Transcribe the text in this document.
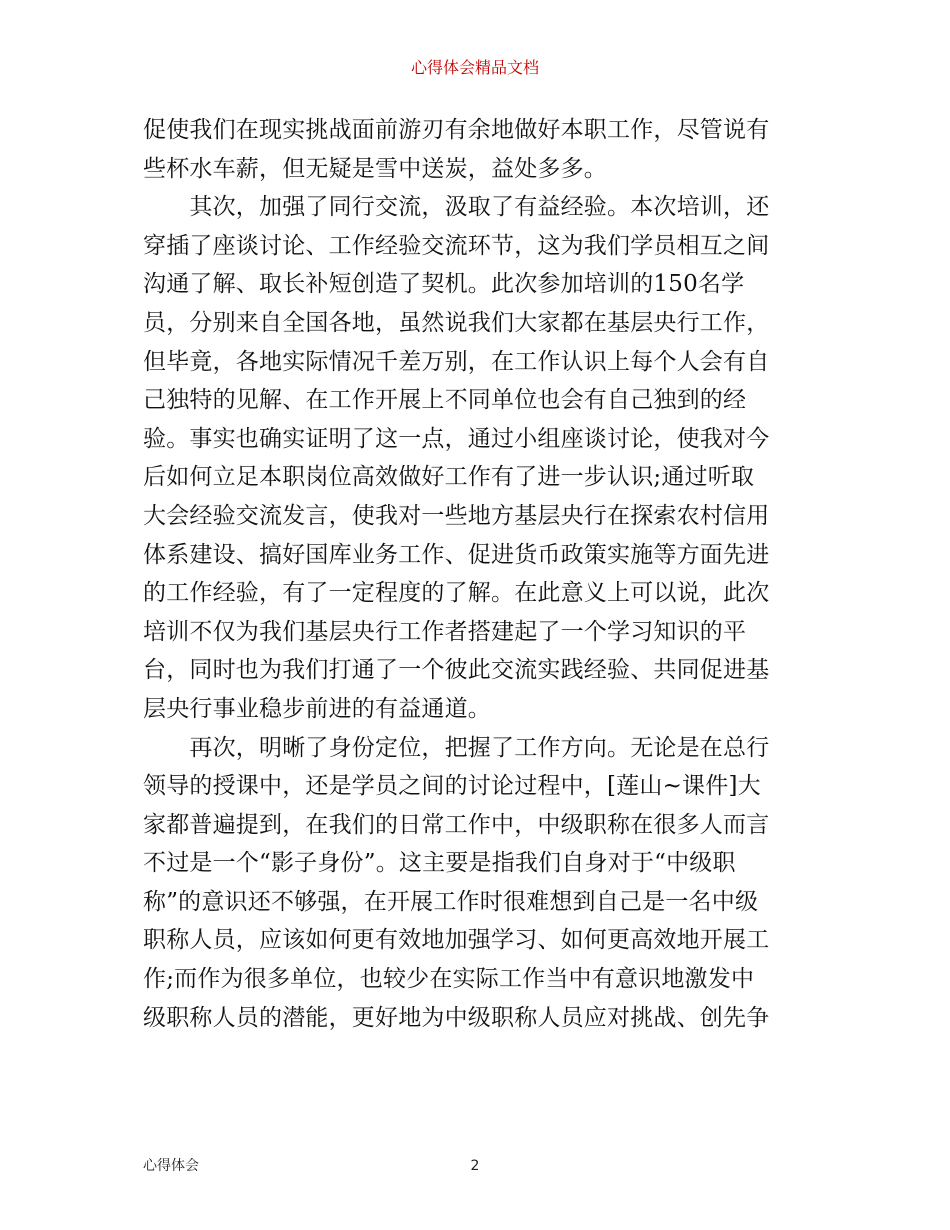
心得体会精品文档
促使我们在现实挑战面前游刃有余地做好本职工作，尽管说有
些杯水车薪，但无疑是雪中送炭，益处多多。
　　其次，加强了同行交流，汲取了有益经验。本次培训，还
穿插了座谈讨论、工作经验交流环节，这为我们学员相互之间
沟通了解、取长补短创造了契机。此次参加培训的150名学
员，分别来自全国各地，虽然说我们大家都在基层央行工作，
但毕竟，各地实际情况千差万别，在工作认识上每个人会有自
己独特的见解、在工作开展上不同单位也会有自己独到的经
验。事实也确实证明了这一点，通过小组座谈讨论，使我对今
后如何立足本职岗位高效做好工作有了进一步认识;通过听取
大会经验交流发言，使我对一些地方基层央行在探索农村信用
体系建设、搞好国库业务工作、促进货币政策实施等方面先进
的工作经验，有了一定程度的了解。在此意义上可以说，此次
培训不仅为我们基层央行工作者搭建起了一个学习知识的平
台，同时也为我们打通了一个彼此交流实践经验、共同促进基
层央行事业稳步前进的有益通道。
　　再次，明晰了身份定位，把握了工作方向。无论是在总行
领导的授课中，还是学员之间的讨论过程中，[莲山~课件]大
家都普遍提到，在我们的日常工作中，中级职称在很多人而言
不过是一个“影子身份”。这主要是指我们自身对于“中级职
称”的意识还不够强，在开展工作时很难想到自己是一名中级
职称人员，应该如何更有效地加强学习、如何更高效地开展工
作;而作为很多单位，也较少在实际工作当中有意识地激发中
级职称人员的潜能，更好地为中级职称人员应对挑战、创先争
心得体会	2
